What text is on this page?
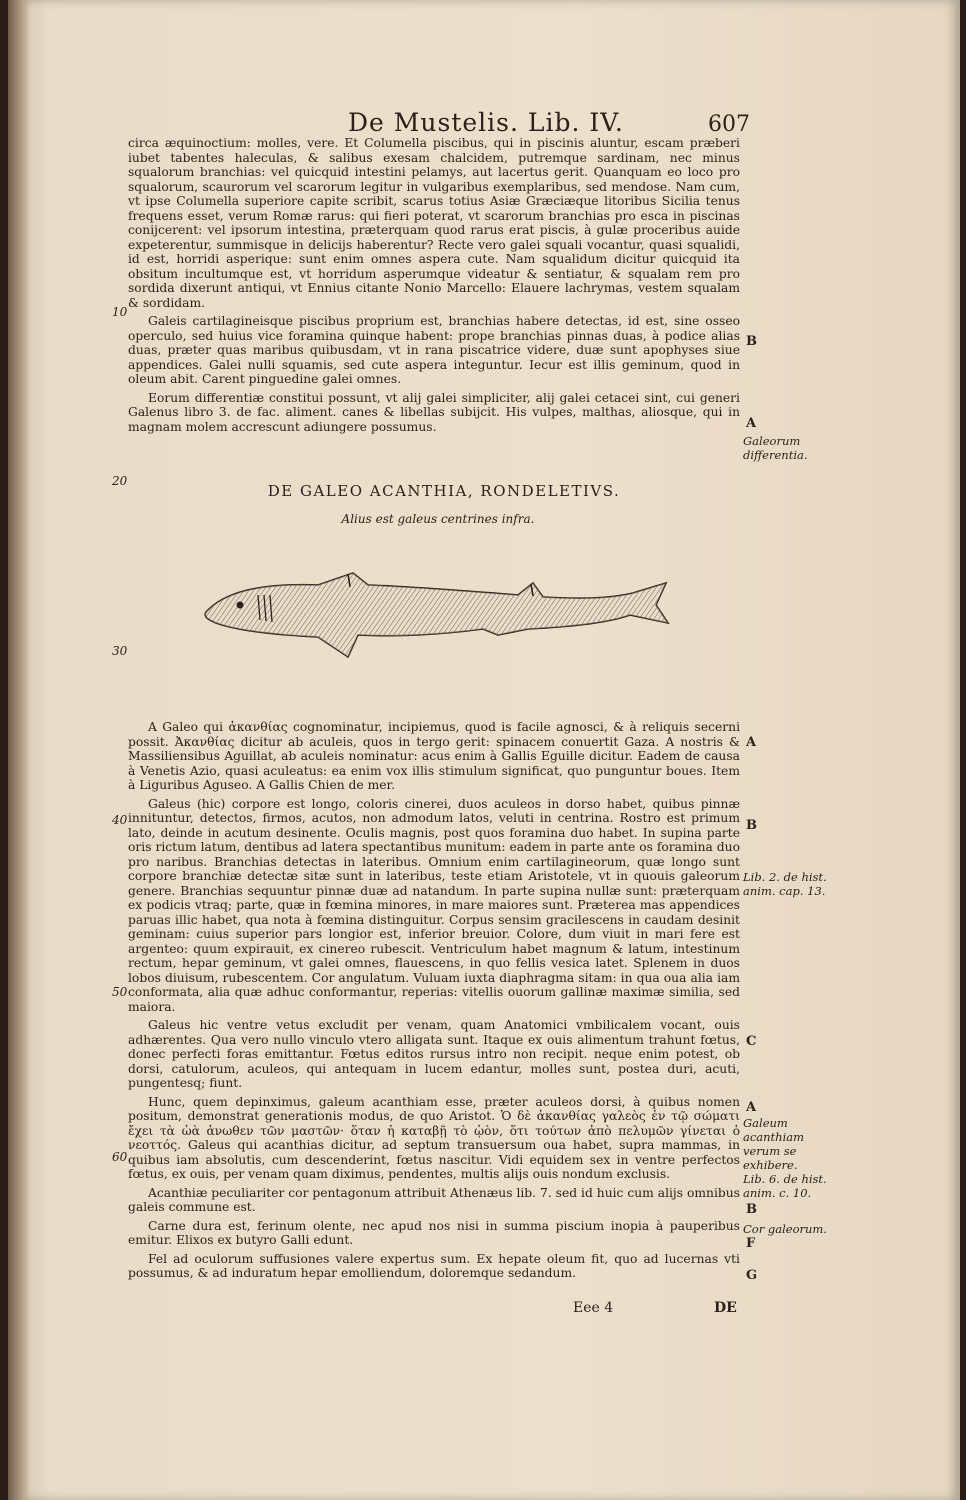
De Mustelis. Lib. IV.	607

circa æquinoctium: molles, vere. Et Columella piscibus, qui in piscinis aluntur, escam præberi iubet tabentes haleculas, & salibus exesam chalcidem, putremque sardinam, nec minus squalorum branchias: vel quicquid intestini pelamys, aut lacertus gerit. Quanquam eo loco pro squalorum, scaurorum vel scarorum legitur in vulgaribus exemplaribus, sed mendose. Nam cum, vt ipse Columella superiore capite scribit, scarus totius Asiæ Græciæque litoribus Sicilia tenus frequens esset, verum Romæ rarus: qui fieri poterat, vt scarorum branchias pro esca in piscinas conijcerent: vel ipsorum intestina, præterquam quod rarus erat piscis, à gulæ proceribus auide expeterentur, summisque in delicijs haberentur? Recte vero galei squali vocantur, quasi squalidi, id est, horridi asperique: sunt enim omnes aspera cute. Nam squalidum dicitur quicquid ita obsitum incultumque est, vt horridum asperumque videatur & sentiatur, & squalam rem pro sordida dixerunt antiqui, vt Ennius citante Nonio Marcello: Elauere lachrymas, vestem squalam & sordidam.

Galeis cartilagineisque piscibus proprium est, branchias habere detectas, id est, sine osseo operculo, sed huius vice foramina quinque habent: prope branchias pinnas duas, à podice alias duas, præter quas maribus quibusdam, vt in rana piscatrice videre, duæ sunt apophyses siue appendices. Galei nulli squamis, sed cute aspera integuntur. Iecur est illis geminum, quod in oleum abit. Carent pinguedine galei omnes.

Eorum differentiæ constitui possunt, vt alij galei simpliciter, alij galei cetacei sint, cui generi Galenus libro 3. de fac. aliment. canes & libellas subijcit. His vulpes, malthas, aliosque, qui in magnam molem accrescunt adiungere possumus.

DE GALEO ACANTHIA, RONDELETIVS.
Alius est galeus centrines infra.

A Galeo qui ἀκανθίας cognominatur, incipiemus, quod is facile agnosci, & à reliquis secerni possit. Ἀκανθίας dicitur ab aculeis, quos in tergo gerit: spinacem conuertit Gaza. A nostris & Massiliensibus Aguillat, ab aculeis nominatur: acus enim à Gallis Eguille dicitur. Eadem de causa à Venetis Azio, quasi aculeatus: ea enim vox illis stimulum significat, quo punguntur boues. Item à Liguribus Aguseo. A Gallis Chien de mer.

Galeus (hic) corpore est longo, coloris cinerei, duos aculeos in dorso habet, quibus pinnæ innituntur, detectos, firmos, acutos, non admodum latos, veluti in centrina. Rostro est primum lato, deinde in acutum desinente. Oculis magnis, post quos foramina duo habet. In supina parte oris rictum latum, dentibus ad latera spectantibus munitum: eadem in parte ante os foramina duo pro naribus. Branchias detectas in lateribus. Omnium enim cartilagineorum, quæ longo sunt corpore branchiæ detectæ sitæ sunt in lateribus, teste etiam Aristotele, vt in quouis galeorum genere. Branchias sequuntur pinnæ duæ ad natandum. In parte supina nullæ sunt: præterquam ex podicis vtraq; parte, quæ in fœmina minores, in mare maiores sunt. Præterea mas appendices paruas illic habet, qua nota à fœmina distinguitur. Corpus sensim gracilescens in caudam desinit geminam: cuius superior pars longior est, inferior breuior. Colore, dum viuit in mari fere est argenteo: quum expirauit, ex cinereo rubescit. Ventriculum habet magnum & latum, intestinum rectum, hepar geminum, vt galei omnes, flauescens, in quo fellis vesica latet. Splenem in duos lobos diuisum, rubescentem. Cor angulatum. Vuluam iuxta diaphragma sitam: in qua oua alia iam conformata, alia quæ adhuc conformantur, reperias: vitellis ouorum gallinæ maximæ similia, sed maiora.

Galeus hic ventre vetus excludit per venam, quam Anatomici vmbilicalem vocant, ouis adhærentes. Qua vero nullo vinculo vtero alligata sunt. Itaque ex ouis alimentum trahunt fœtus, donec perfecti foras emittantur. Fœtus editos rursus intro non recipit. neque enim potest, ob dorsi, catulorum, aculeos, qui antequam in lucem edantur, molles sunt, postea duri, acuti, pungentesq; fiunt.

Hunc, quem depinximus, galeum acanthiam esse, præter aculeos dorsi, à quibus nomen positum, demonstrat generationis modus, de quo Aristot. Ὁ δὲ ἀκανθίας γαλεὸς ἐν τῷ σώματι ἔχει τὰ ὠὰ ἀνωθεν τῶν μαστῶν· ὅταν ἡ καταβῇ τὸ ᾠὸν, ὅτι τούτων ἀπὸ πελυμῶν γίνεται ὁ νεοττός. Galeus qui acanthias dicitur, ad septum transuersum oua habet, supra mammas, in quibus iam absolutis, cum descenderint, fœtus nascitur. Vidi equidem sex in ventre perfectos fœtus, ex ouis, per venam quam diximus, pendentes, multis alijs ouis nondum exclusis.

Acanthiæ peculiariter cor pentagonum attribuit Athenæus lib. 7. sed id huic cum alijs omnibus galeis commune est.

Carne dura est, ferinum olente, nec apud nos nisi in summa piscium inopia à pauperibus emitur. Elixos ex butyro Galli edunt.

Fel ad oculorum suffusiones valere expertus sum. Ex hepate oleum fit, quo ad lucernas vti possumus, & ad induratum hepar emolliendum, doloremque sedandum.

B
A
A
B
C
A
B
F
G
Galeorum differentia.
Lib. 2. de hist. anim. cap. 13.
Galeum acanthiam verum se exhibere.
Lib. 6. de hist. anim. c. 10.
Cor galeorum.
10
20
30
40
50
60
Eee 4	DE
